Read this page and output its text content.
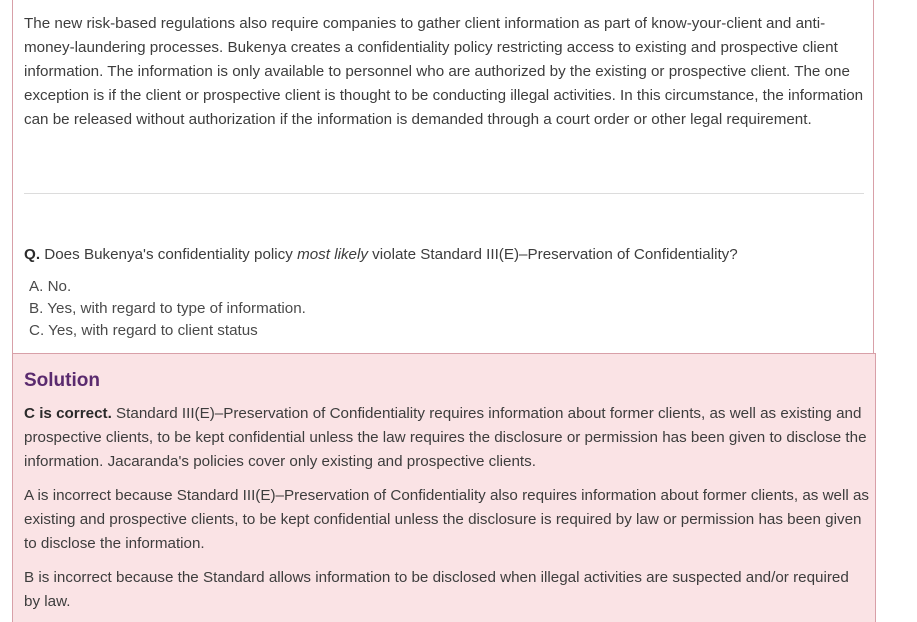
The new risk-based regulations also require companies to gather client information as part of know-your-client and anti-money-laundering processes. Bukenya creates a confidentiality policy restricting access to existing and prospective client information. The information is only available to personnel who are authorized by the existing or prospective client. The one exception is if the client or prospective client is thought to be conducting illegal activities. In this circumstance, the information can be released without authorization if the information is demanded through a court order or other legal requirement.

Q. Does Bukenya's confidentiality policy most likely violate Standard III(E)–Preservation of Confidentiality?

A. No.
B. Yes, with regard to type of information.
C. Yes, with regard to client status
Solution

C is correct. Standard III(E)–Preservation of Confidentiality requires information about former clients, as well as existing and prospective clients, to be kept confidential unless the law requires the disclosure or permission has been given to disclose the information. Jacaranda's policies cover only existing and prospective clients.

A is incorrect because Standard III(E)–Preservation of Confidentiality also requires information about former clients, as well as existing and prospective clients, to be kept confidential unless the disclosure is required by law or permission has been given to disclose the information.

B is incorrect because the Standard allows information to be disclosed when illegal activities are suspected and/or required by law.
